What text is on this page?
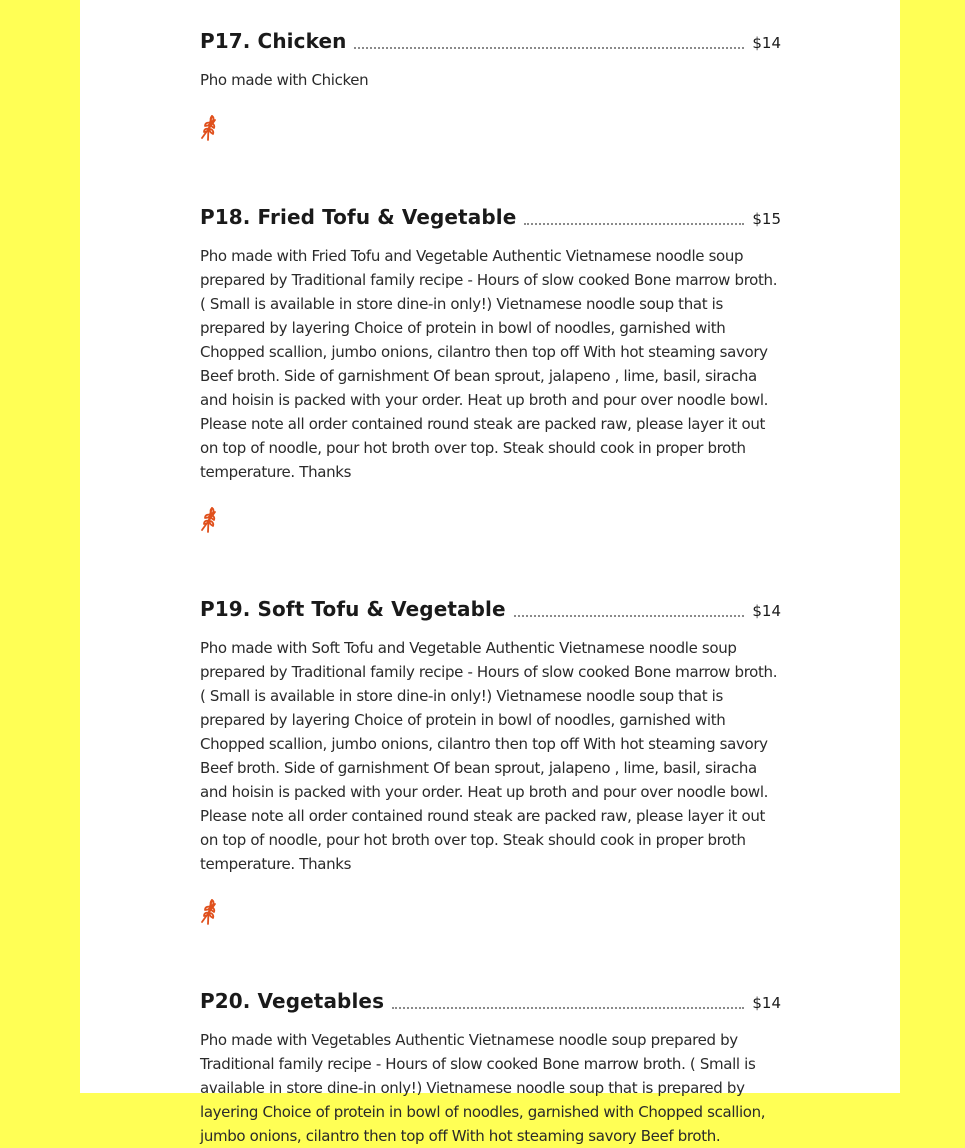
P17. Chicken	$14
Pho made with Chicken
P18. Fried Tofu & Vegetable	$15
Pho made with Fried Tofu and Vegetable Authentic Vietnamese noodle soup prepared by Traditional family recipe - Hours of slow cooked Bone marrow broth. ( Small is available in store dine-in only!) Vietnamese noodle soup that is prepared by layering Choice of protein in bowl of noodles, garnished with Chopped scallion, jumbo onions, cilantro then top off With hot steaming savory Beef broth. Side of garnishment Of bean sprout, jalapeno , lime, basil, siracha and hoisin is packed with your order. Heat up broth and pour over noodle bowl. Please note all order contained round steak are packed raw, please layer it out on top of noodle, pour hot broth over top. Steak should cook in proper broth temperature. Thanks
P19. Soft Tofu & Vegetable	$14
Pho made with Soft Tofu and Vegetable Authentic Vietnamese noodle soup prepared by Traditional family recipe - Hours of slow cooked Bone marrow broth. ( Small is available in store dine-in only!) Vietnamese noodle soup that is prepared by layering Choice of protein in bowl of noodles, garnished with Chopped scallion, jumbo onions, cilantro then top off With hot steaming savory Beef broth. Side of garnishment Of bean sprout, jalapeno , lime, basil, siracha and hoisin is packed with your order. Heat up broth and pour over noodle bowl. Please note all order contained round steak are packed raw, please layer it out on top of noodle, pour hot broth over top. Steak should cook in proper broth temperature. Thanks
P20. Vegetables	$14
Pho made with Vegetables Authentic Vietnamese noodle soup prepared by Traditional family recipe - Hours of slow cooked Bone marrow broth. ( Small is available in store dine-in only!) Vietnamese noodle soup that is prepared by layering Choice of protein in bowl of noodles, garnished with Chopped scallion, jumbo onions, cilantro then top off With hot steaming savory Beef broth.
